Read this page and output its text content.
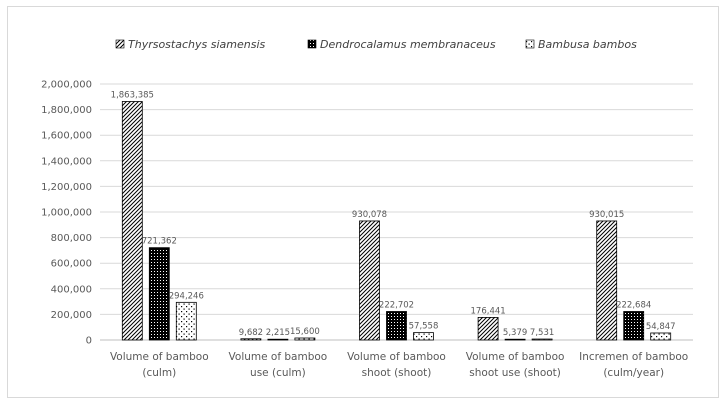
0
200,000
400,000
600,000
800,000
1,000,000
1,200,000
1,400,000
1,600,000
1,800,000
2,000,000
1,863,385
721,362
294,246
9,682 2,215 15,600
930,078
222,702
57,558
176,441
5,379 7,531
930,015
222,684
54,847
Volume of bamboo
(culm)
Volume of bamboo
use (culm)
Volume of bamboo
shoot (shoot)
Volume of bamboo
shoot use (shoot)
Incremen of bamboo
(culm/year)
Thyrsostachys siamensis	Dendrocalamus membranaceus	Bambusa bambos
